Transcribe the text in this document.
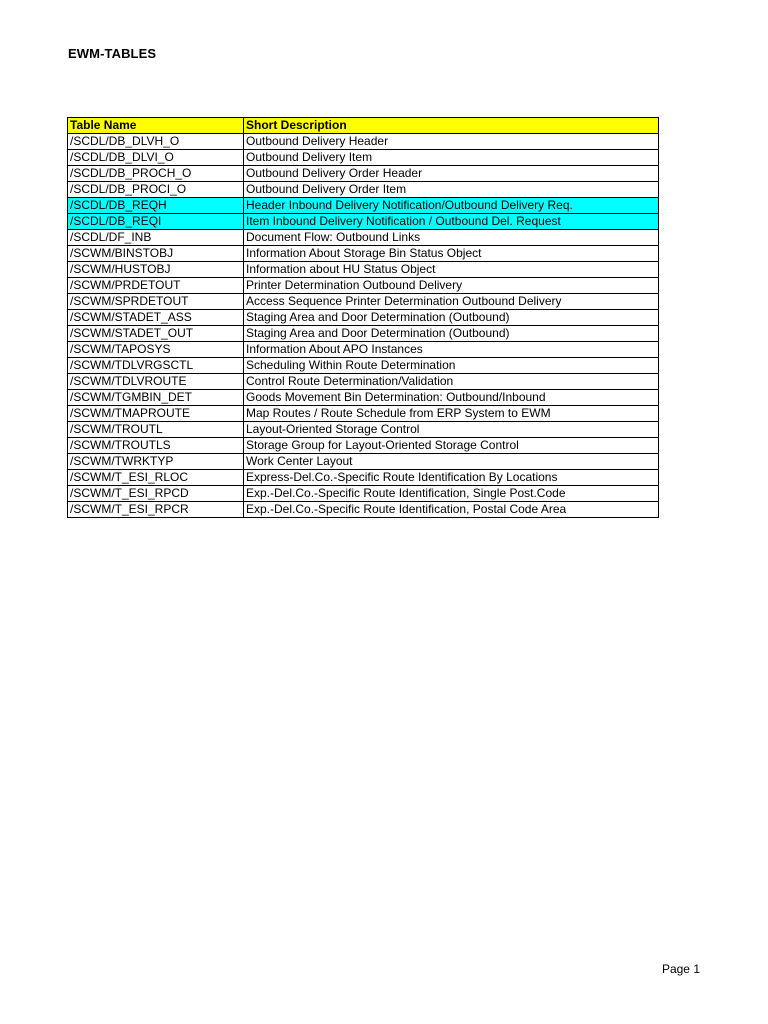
EWM-TABLES
Table Name	Short Description
/SCDL/DB_DLVH_O	Outbound Delivery Header
/SCDL/DB_DLVI_O	Outbound Delivery Item
/SCDL/DB_PROCH_O	Outbound Delivery Order Header
/SCDL/DB_PROCI_O	Outbound Delivery Order Item
/SCDL/DB_REQH	Header Inbound Delivery Notification/Outbound Delivery Req.
/SCDL/DB_REQI	Item Inbound Delivery Notification / Outbound Del. Request
/SCDL/DF_INB	Document Flow: Outbound Links
/SCWM/BINSTOBJ	Information About Storage Bin Status Object
/SCWM/HUSTOBJ	Information about HU Status Object
/SCWM/PRDETOUT	Printer Determination Outbound Delivery
/SCWM/SPRDETOUT	Access Sequence Printer Determination Outbound Delivery
/SCWM/STADET_ASS	Staging Area and Door Determination (Outbound)
/SCWM/STADET_OUT	Staging Area and Door Determination (Outbound)
/SCWM/TAPOSYS	Information About APO Instances
/SCWM/TDLVRGSCTL	Scheduling Within Route Determination
/SCWM/TDLVROUTE	Control Route Determination/Validation
/SCWM/TGMBIN_DET	Goods Movement Bin Determination: Outbound/Inbound
/SCWM/TMAPROUTE	Map Routes / Route Schedule from ERP System to EWM
/SCWM/TROUTL	Layout-Oriented Storage Control
/SCWM/TROUTLS	Storage Group for Layout-Oriented Storage Control
/SCWM/TWRKTYP	Work Center Layout
/SCWM/T_ESI_RLOC	Express-Del.Co.-Specific Route Identification By Locations
/SCWM/T_ESI_RPCD	Exp.-Del.Co.-Specific Route Identification, Single Post.Code
/SCWM/T_ESI_RPCR	Exp.-Del.Co.-Specific Route Identification, Postal Code Area
Page 1
